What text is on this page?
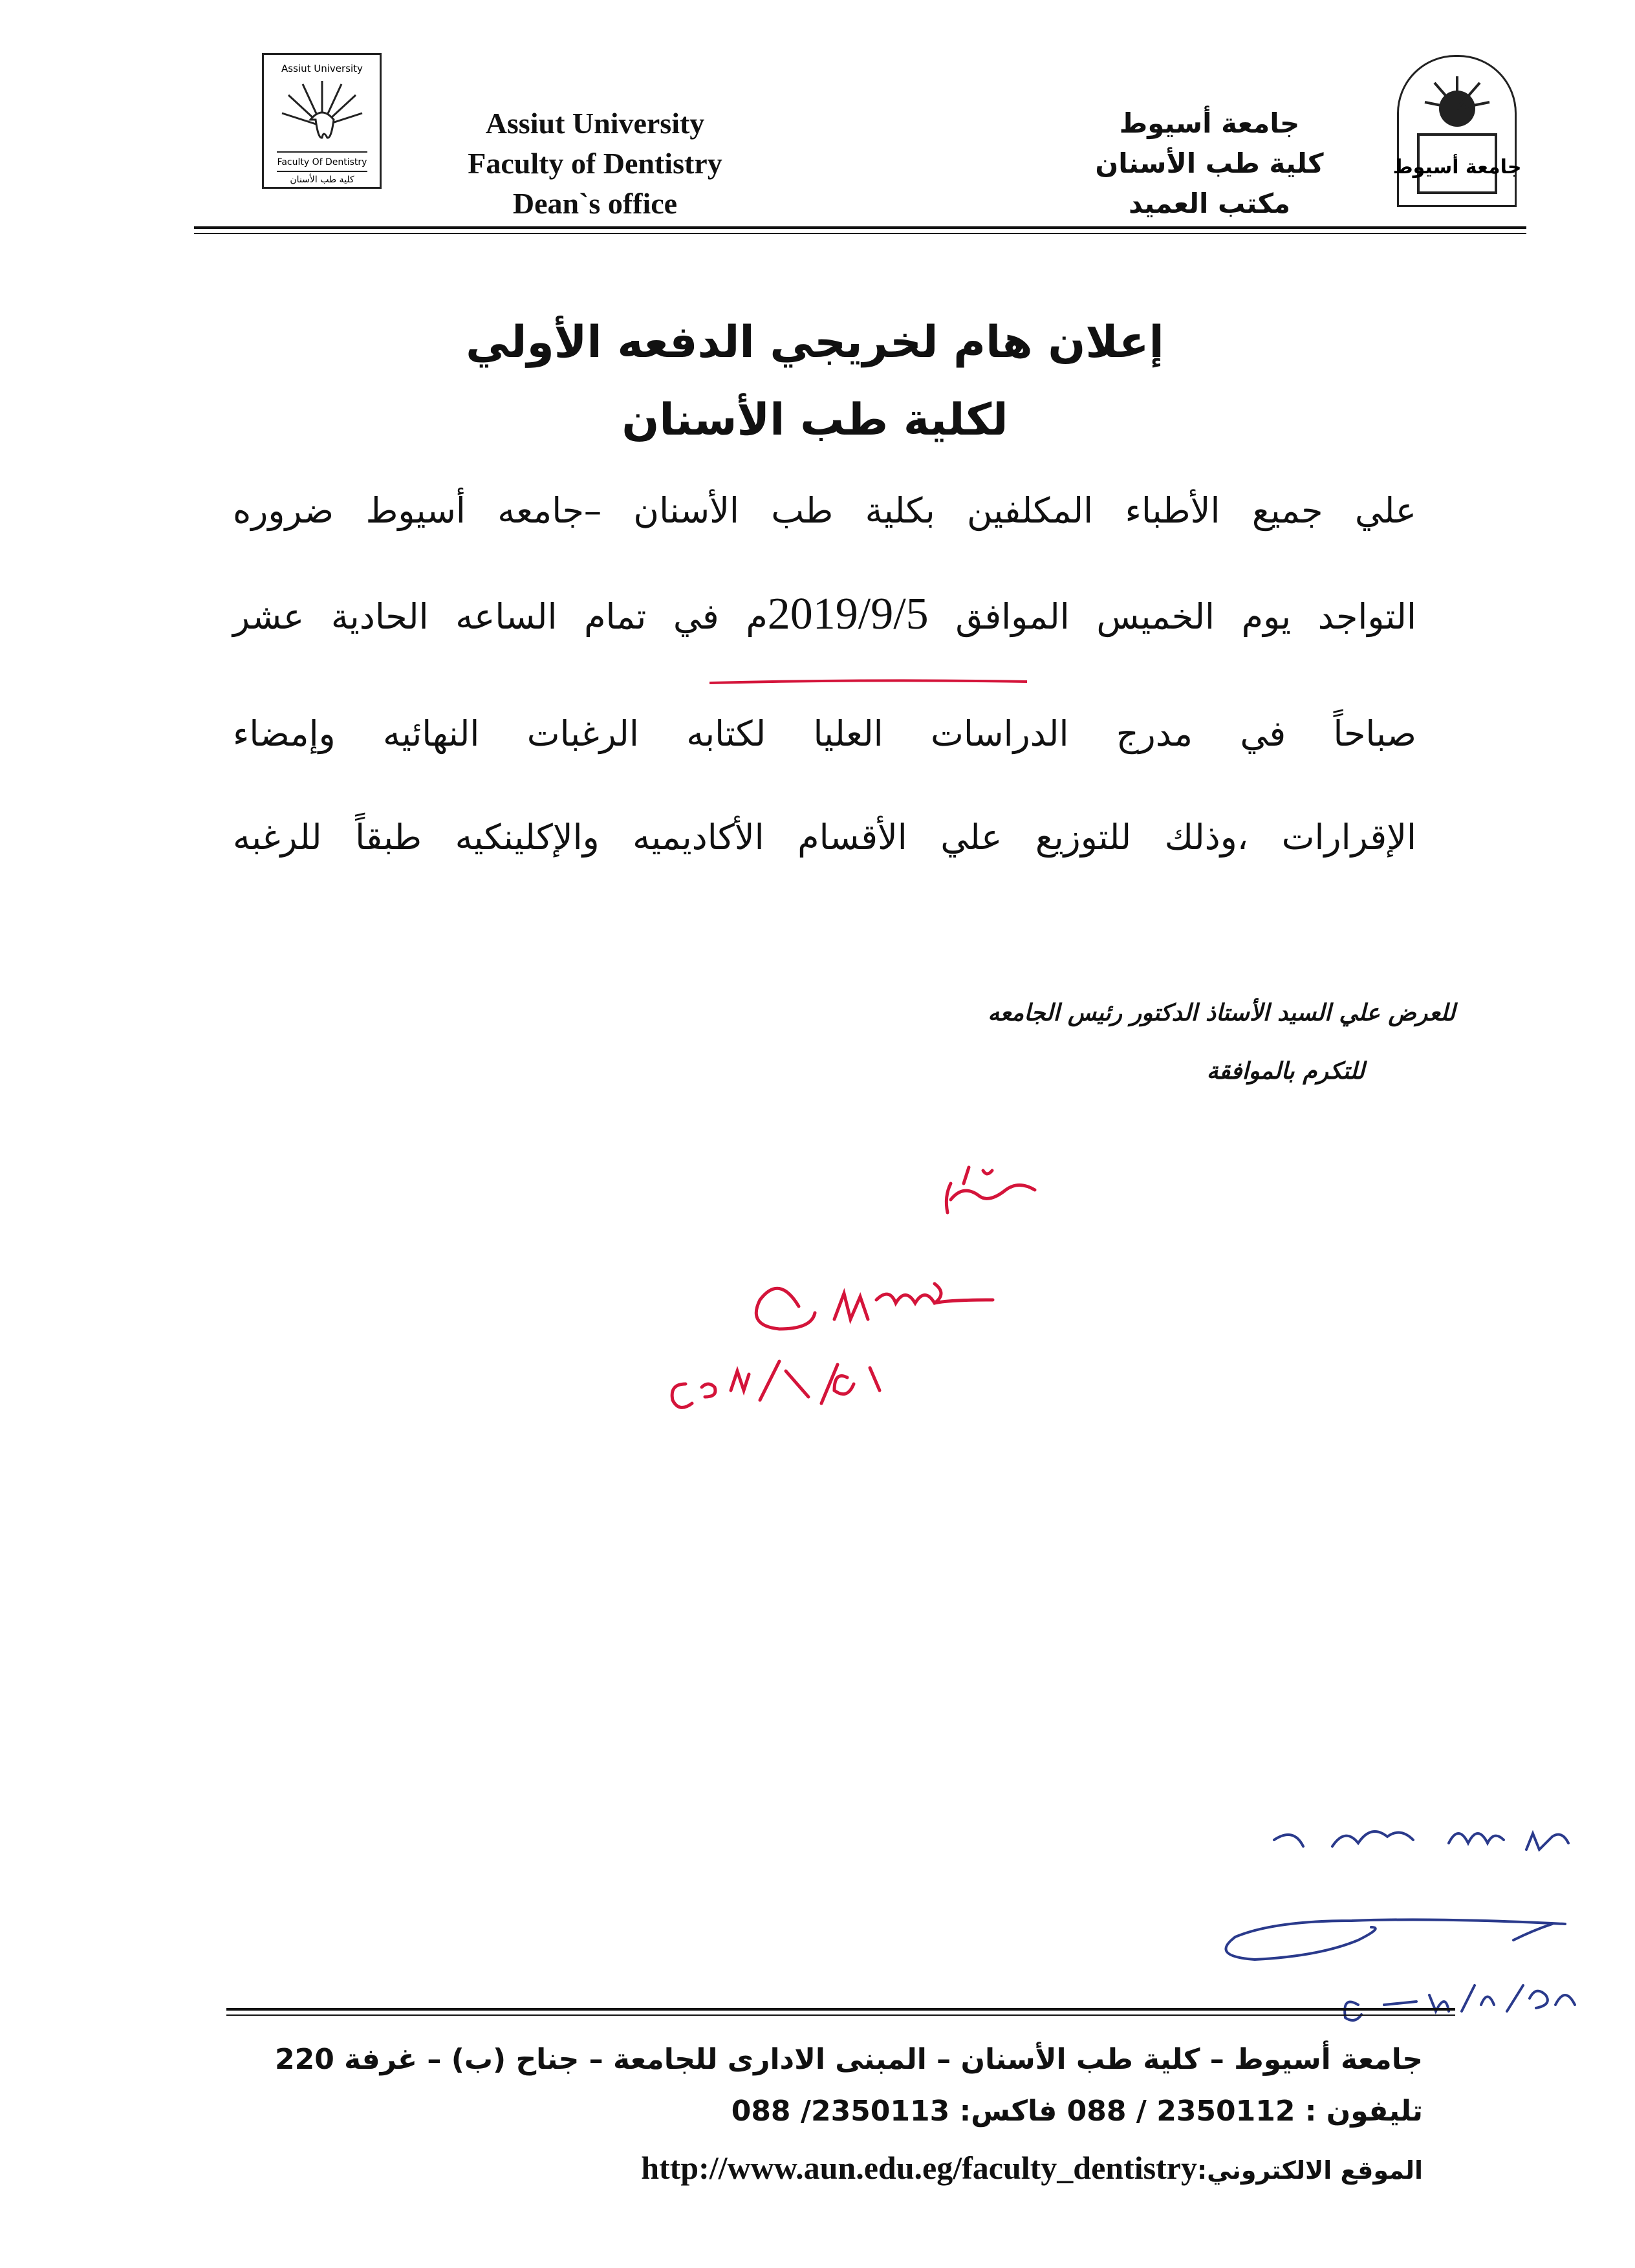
Assiut University
Faculty Of Dentistry
كلية طب الأسنان
جامعة أسيوط
Assiut University
Faculty of Dentistry
Dean`s office
جامعة أسيوط
كلية طب الأسنان
مكتب العميد
إعلان هام لخريجي الدفعه الأولي
لكلية طب الأسنان
علي جميع الأطباء المكلفين بكلية طب الأسنان –جامعه أسيوط ضروره
التواجد يوم الخميس الموافق 2019/9/5م في تمام الساعه الحادية عشر
صباحاً في مدرج الدراسات العليا لكتابه الرغبات النهائيه وإمضاء
الإقرارات ،وذلك للتوزيع علي الأقسام الأكاديميه والإكلينكيه طبقاً للرغبه
للعرض علي السيد الأستاذ الدكتور رئيس الجامعه
للتكرم بالموافقة
جامعة أسيوط – كلية طب الأسنان – المبنى الادارى للجامعة – جناح (ب) – غرفة 220
تليفون : 2350112 / 088 فاكس: 2350113/ 088
الموقع الالكتروني:http://www.aun.edu.eg/faculty_dentistry
